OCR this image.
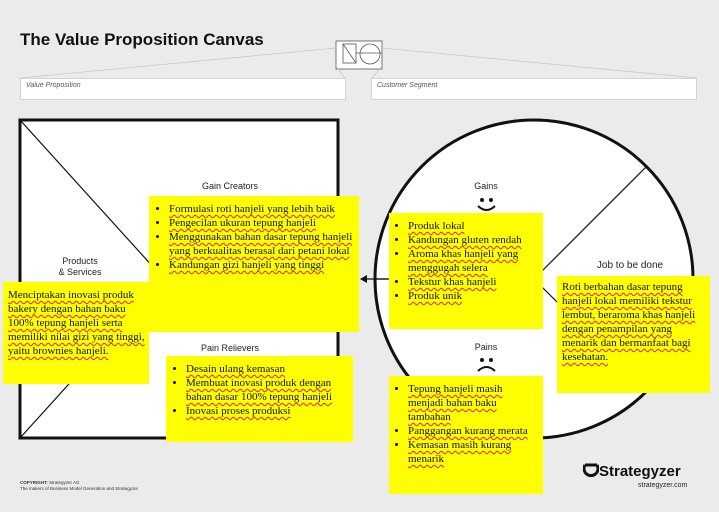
The Value Proposition Canvas
Value Proposition	Customer Segment
Gain Creators
Products
& Services
Pain Relievers
Gains
Pains
Job to be done
• Formulasi roti hanjeli yang lebih baik
• Pengecilan ukuran tepung hanjeli
• Menggunakan bahan dasar tepung hanjeli yang berkualitas berasal dari petani lokal
• Kandungan gizi hanjeli yang tinggi
Menciptakan inovasi produk bakery dengan bahan baku 100% tepung hanjeli serta memiliki nilai gizi yang tinggi, yaitu brownies hanjeli.
• Desain ulang kemasan
• Membuat inovasi produk dengan bahan dasar 100% tepung hanjeli
• Inovasi proses produksi
• Produk lokal
• Kandungan gluten rendah
• Aroma khas hanjeli yang menggugah selera
• Tekstur khas hanjeli
• Produk unik
Roti berbahan dasar tepung hanjeli lokal memiliki tekstur lembut, beraroma khas hanjeli dengan penampilan yang menarik dan bermanfaat bagi kesehatan.
• Tepung hanjeli masih menjadi bahan baku tambahan
• Panggangan kurang merata
• Kemasan masih kurang menarik
COPYRIGHT: Strategyzer AG
The makers of Business Model Generation and Strategyzer
Strategyzer
strategyzer.com
